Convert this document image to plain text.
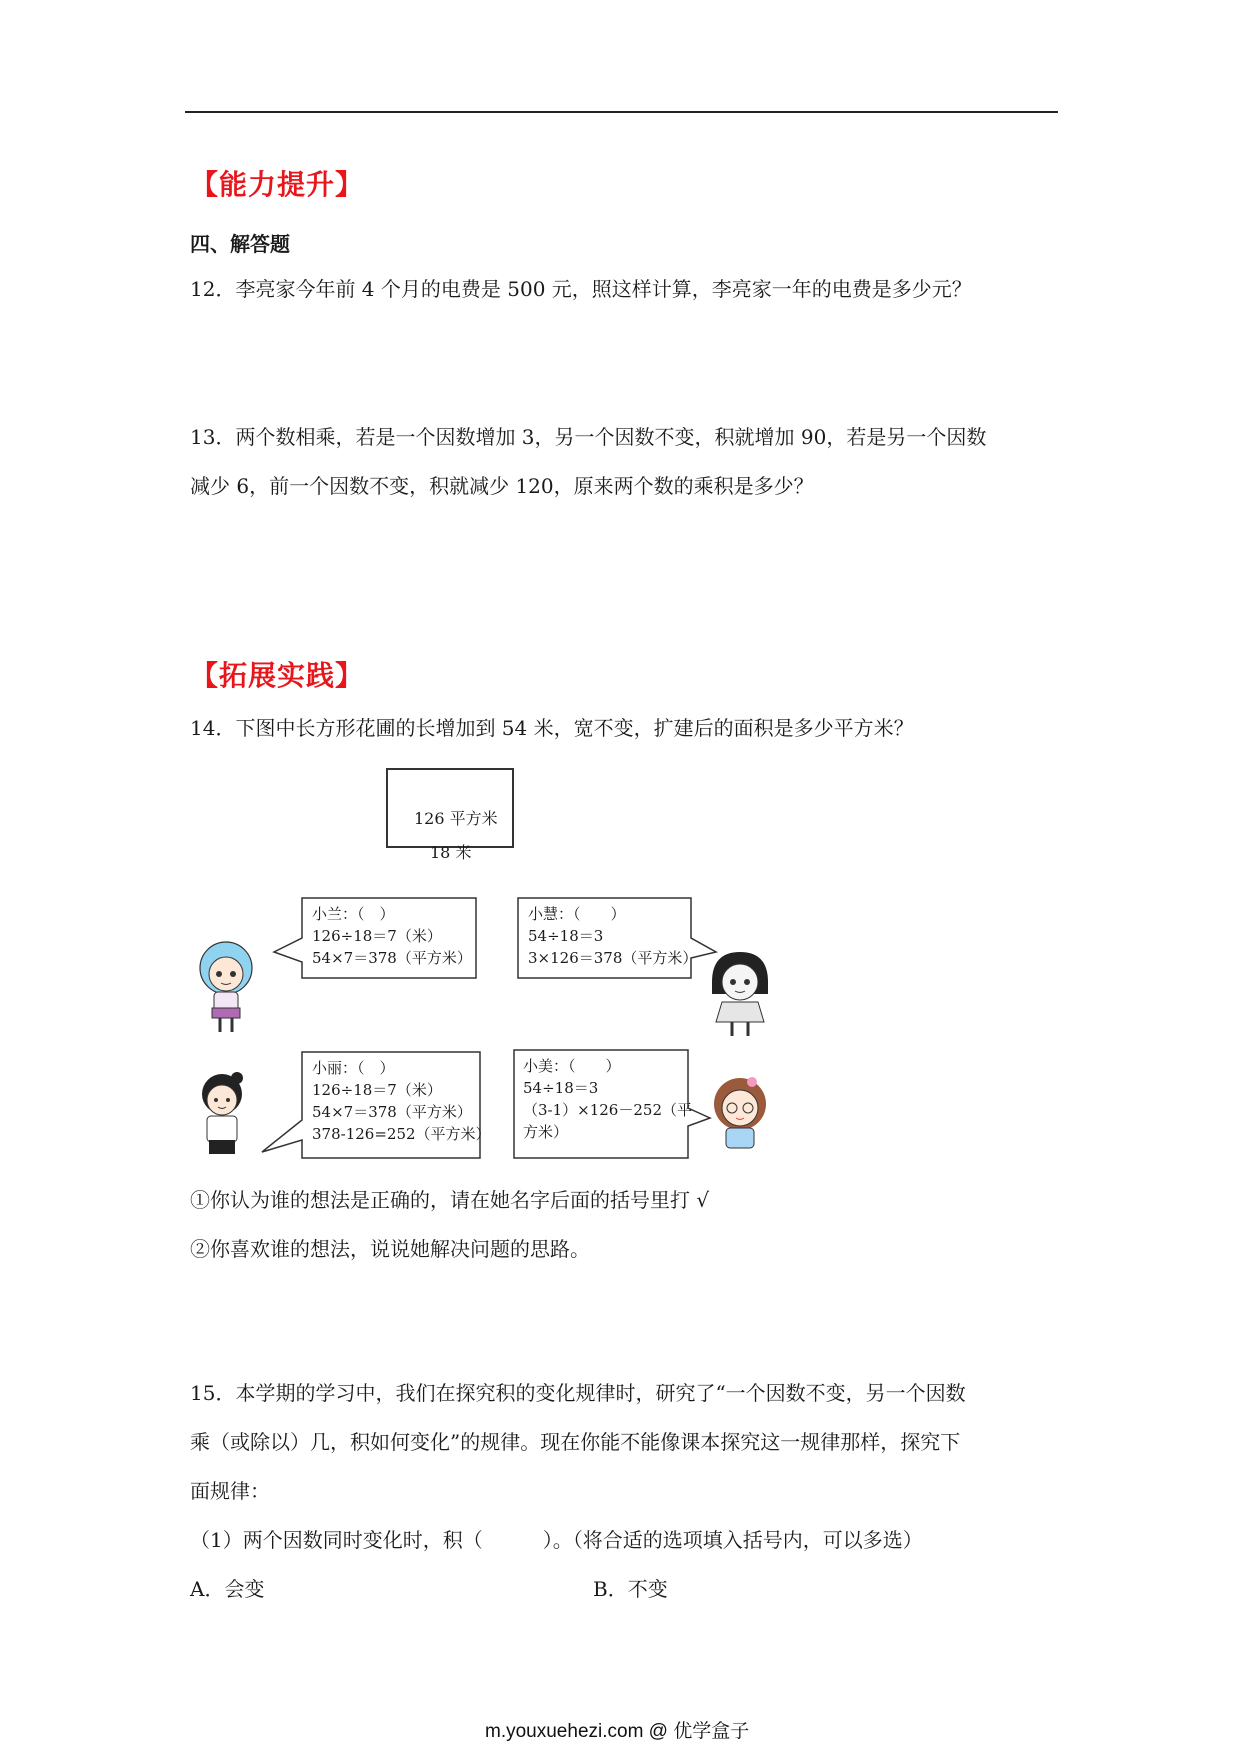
【能力提升】
四、解答题
12．李亮家今年前 4 个月的电费是 500 元，照这样计算，李亮家一年的电费是多少元？
13．两个数相乘，若是一个因数增加 3，另一个因数不变，积就增加 90，若是另一个因数
减少 6，前一个因数不变，积就减少 120，原来两个数的乘积是多少？
【拓展实践】
14．下图中长方形花圃的长增加到 54 米，宽不变，扩建后的面积是多少平方米？
126 平方米
18 米
小兰：（　）
126÷18＝7（米）
54×7＝378（平方米）
小慧：（　　）
54÷18＝3
3×126＝378（平方米）
小丽：（　）
126÷18＝7（米）
54×7＝378（平方米）
378-126=252（平方米）
小美：（　　）
54÷18＝3
（3-1）×126－252（平
方米）
①你认为谁的想法是正确的，请在她名字后面的括号里打 √
②你喜欢谁的想法，说说她解决问题的思路。
15．本学期的学习中，我们在探究积的变化规律时，研究了“一个因数不变，另一个因数
乘（或除以）几，积如何变化”的规律。现在你能不能像课本探究这一规律那样，探究下
面规律：
（1）两个因数同时变化时，积（　　　）。（将合适的选项填入括号内，可以多选）
A．会变	B．不变
m.youxuehezi.com @ 优学盒子
